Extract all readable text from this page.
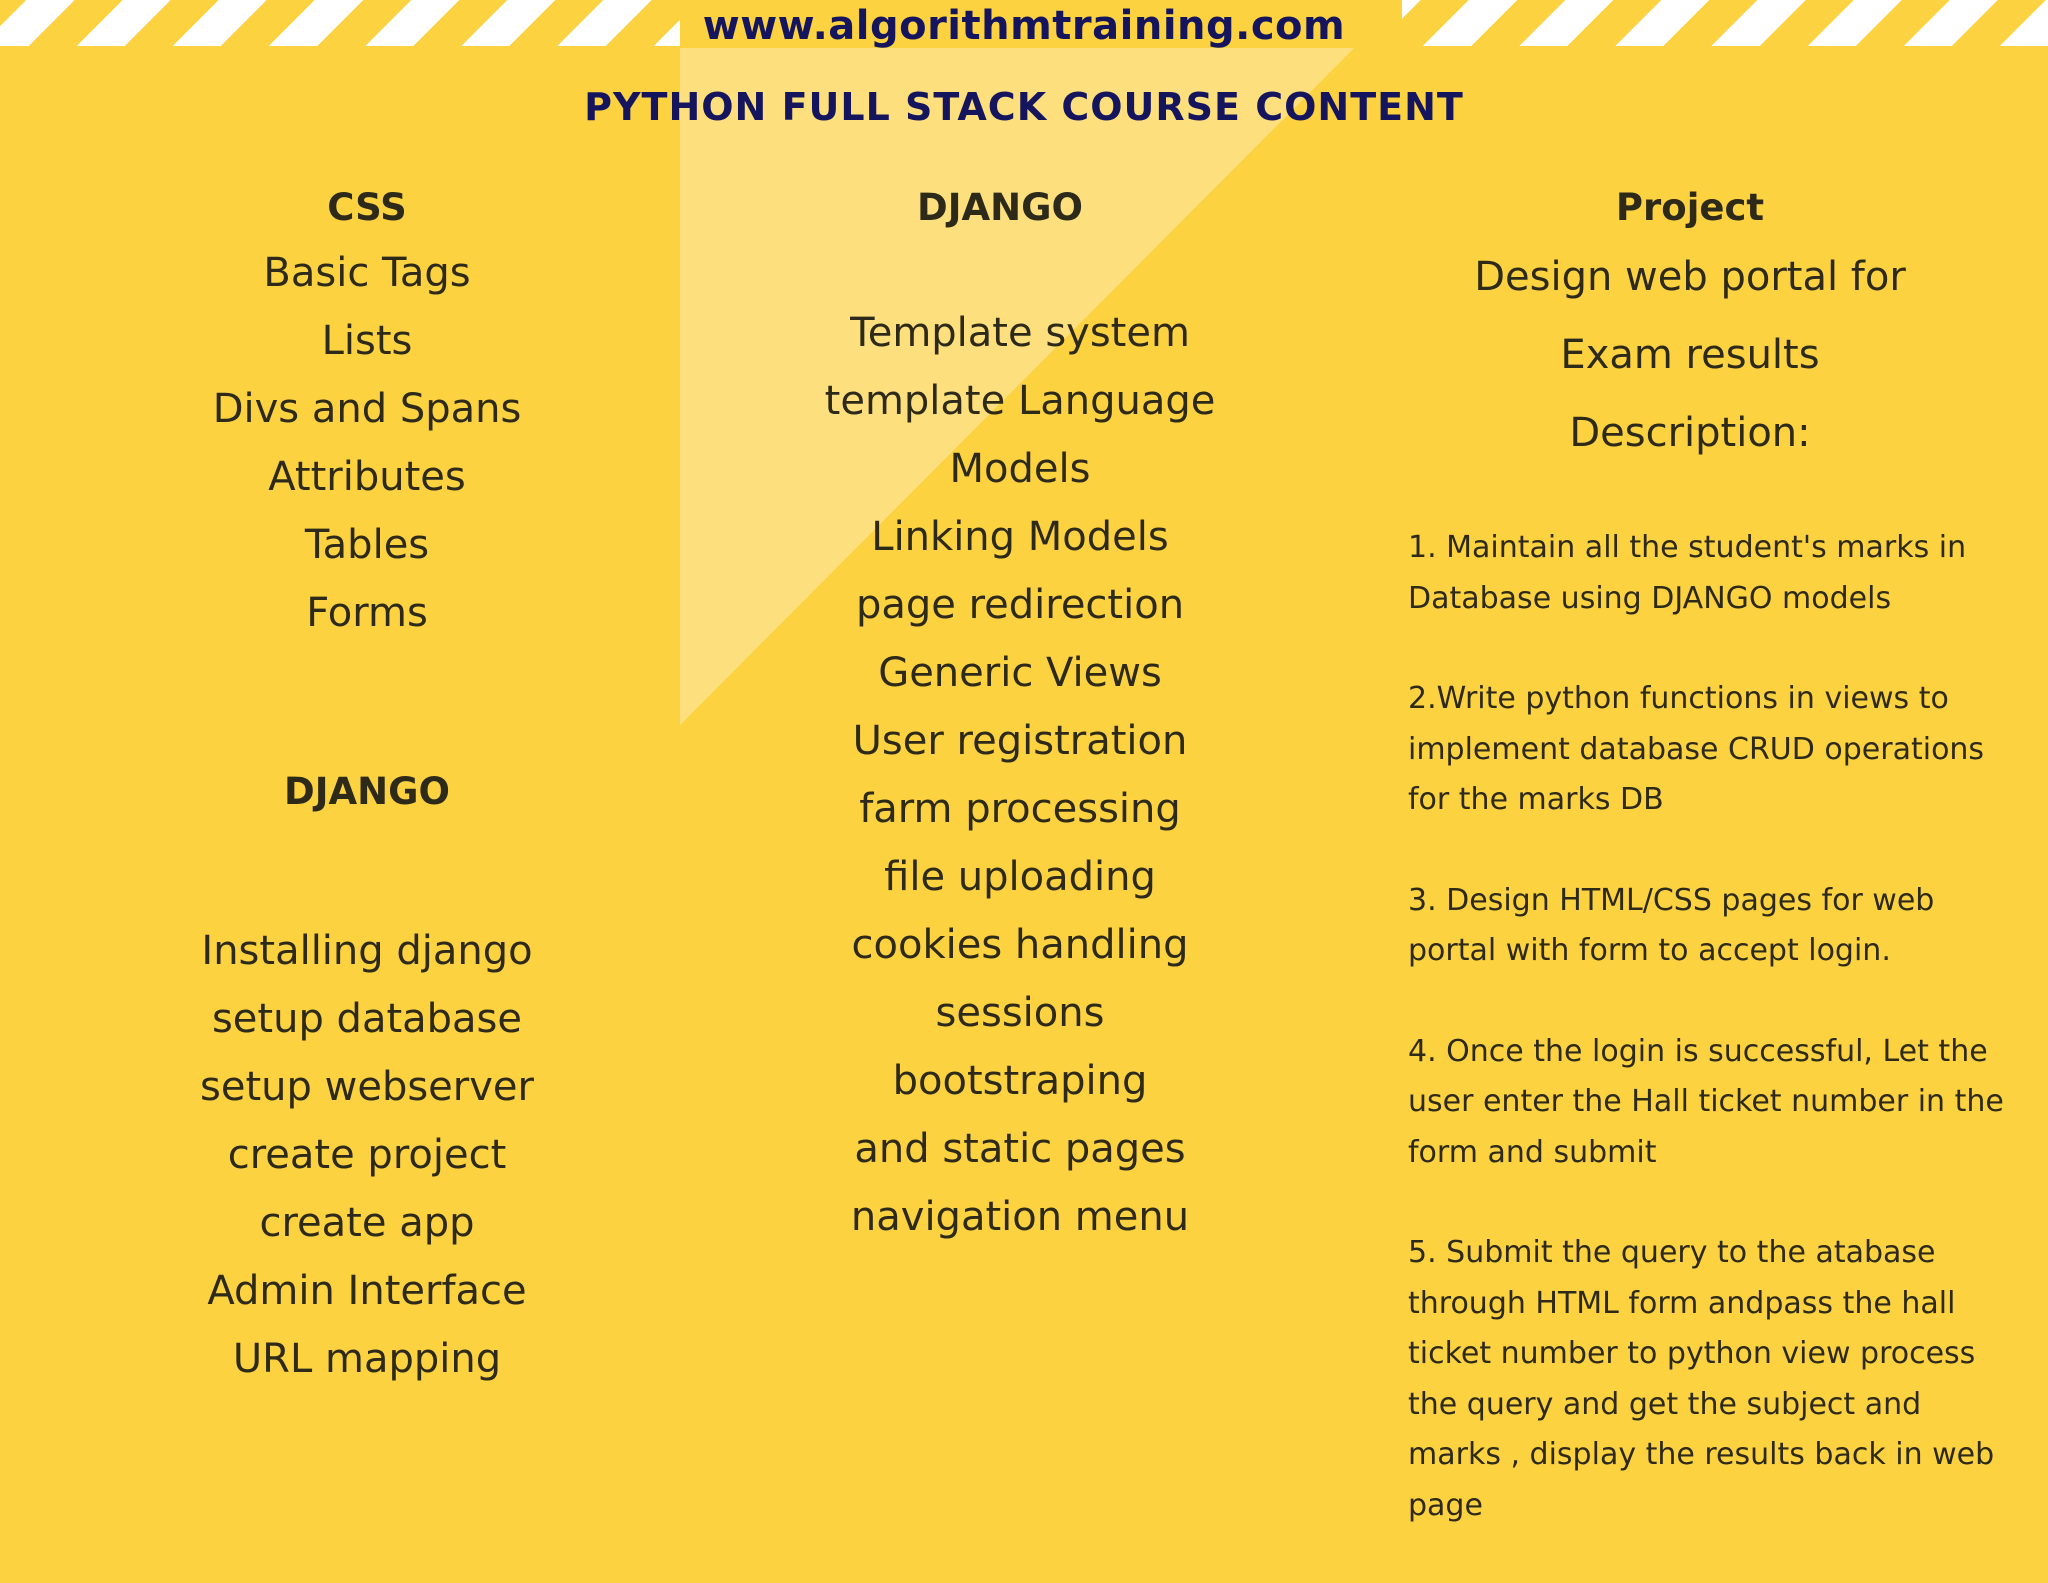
www.algorithmtraining.com
PYTHON FULL STACK COURSE CONTENT
CSS
Basic Tags
Lists
Divs and Spans
Attributes
Tables
Forms
DJANGO
Installing django
setup database
setup webserver
create project
create app
Admin Interface
URL mapping
DJANGO
Template system
template Language
Models
Linking Models
page redirection
Generic Views
User registration
farm processing
file uploading
cookies handling
sessions
bootstraping
and static pages
navigation menu
Project
Design web portal for
Exam results
Description:

1. Maintain all the student's marks in Database using DJANGO models

2.Write python functions in views to implement database CRUD operations for the marks DB

3. Design HTML/CSS pages for web portal with form to accept login.

4. Once the login is successful, Let the user enter the Hall ticket number in the form and submit

5. Submit the query to the atabase through HTML form andpass the hall ticket number to python view process the query and get the subject and marks , display the results back in web page
